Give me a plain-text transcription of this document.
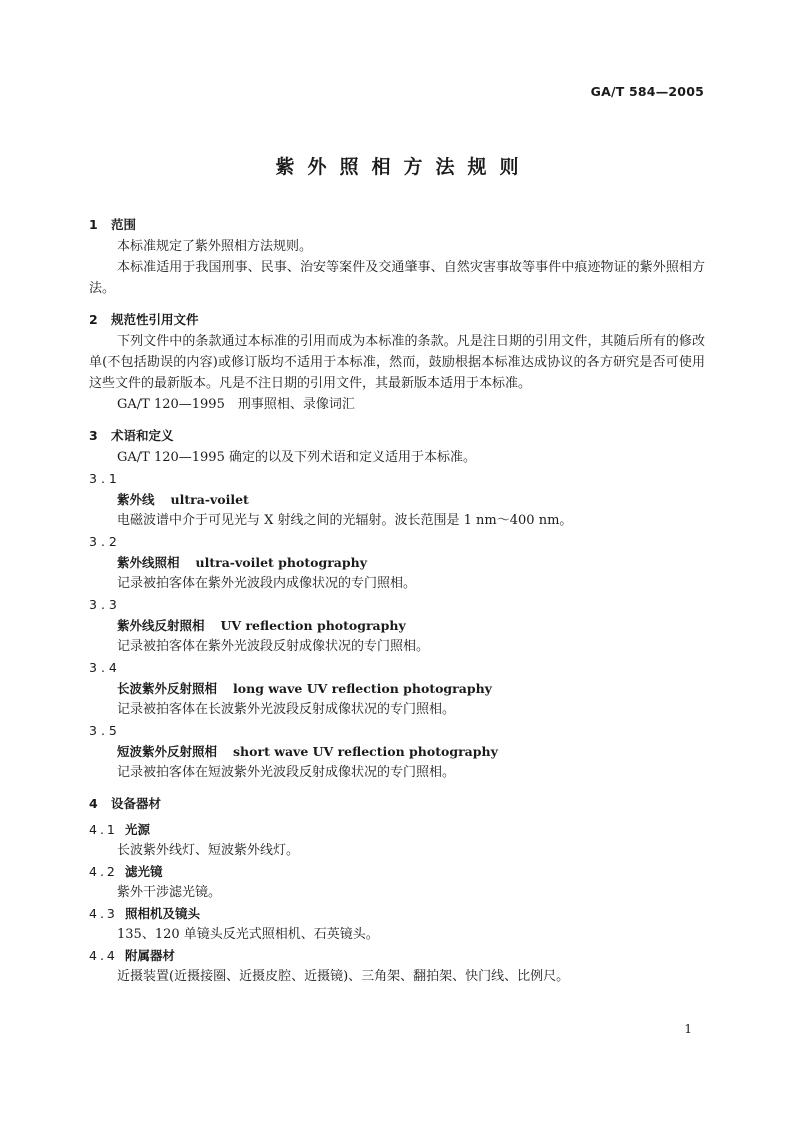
GA/T 584—2005
紫外照相方法规则
1 范围

本标准规定了紫外照相方法规则。

本标准适用于我国刑事、民事、治安等案件及交通肇事、自然灾害事故等事件中痕迹物证的紫外照相方法。

2 规范性引用文件

下列文件中的条款通过本标准的引用而成为本标准的条款。凡是注日期的引用文件，其随后所有的修改单(不包括勘误的内容)或修订版均不适用于本标准，然而，鼓励根据本标准达成协议的各方研究是否可使用这些文件的最新版本。凡是不注日期的引用文件，其最新版本适用于本标准。

GA/T 120—1995　刑事照相、录像词汇

3 术语和定义

GA/T 120—1995 确定的以及下列术语和定义适用于本标准。

3.1
紫外线 ultra-voilet
电磁波谱中介于可见光与 X 射线之间的光辐射。波长范围是 1 nm～400 nm。
3.2
紫外线照相 ultra-voilet photography
记录被拍客体在紫外光波段内成像状况的专门照相。
3.3
紫外线反射照相 UV reflection photography
记录被拍客体在紫外光波段反射成像状况的专门照相。
3.4
长波紫外反射照相 long wave UV reflection photography
记录被拍客体在长波紫外光波段反射成像状况的专门照相。
3.5
短波紫外反射照相 short wave UV reflection photography
记录被拍客体在短波紫外光波段反射成像状况的专门照相。
4 设备器材
4.1 光源
长波紫外线灯、短波紫外线灯。
4.2 滤光镜
紫外干涉滤光镜。
4.3 照相机及镜头
135、120 单镜头反光式照相机、石英镜头。
4.4 附属器材
近摄装置(近摄接圈、近摄皮腔、近摄镜)、三角架、翻拍架、快门线、比例尺。
1
